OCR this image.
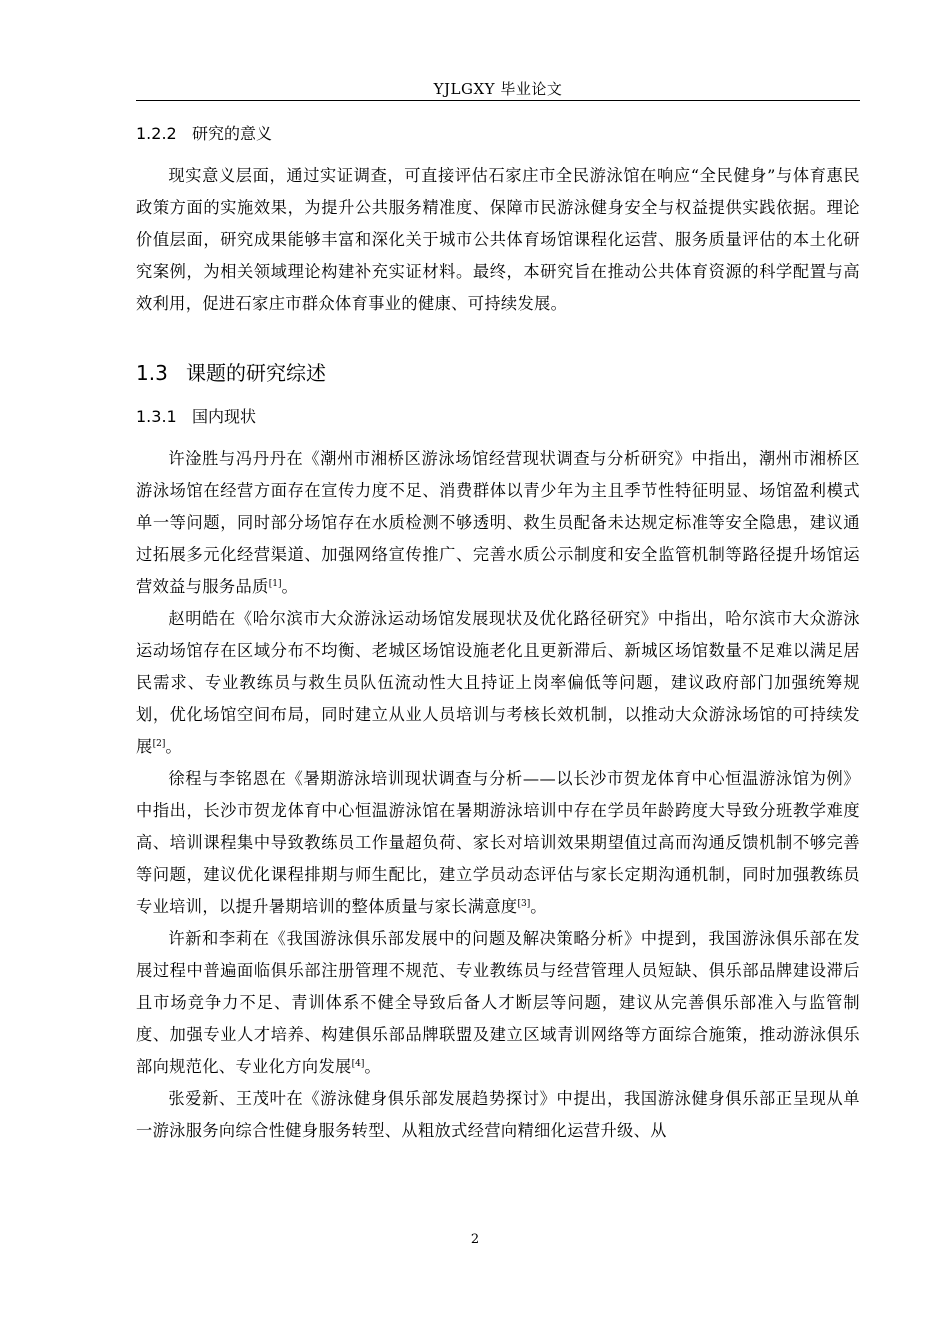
YJLGXY 毕业论文
1.2.2 研究的意义

现实意义层面，通过实证调查，可直接评估石家庄市全民游泳馆在响应“全民健身”与体育惠民政策方面的实施效果，为提升公共服务精准度、保障市民游泳健身安全与权益提供实践依据。理论价值层面，研究成果能够丰富和深化关于城市公共体育场馆课程化运营、服务质量评估的本土化研究案例，为相关领域理论构建补充实证材料。最终，本研究旨在推动公共体育资源的科学配置与高效利用，促进石家庄市群众体育事业的健康、可持续发展。

1.3 课题的研究综述
1.3.1 国内现状

许淦胜与冯丹丹在《潮州市湘桥区游泳场馆经营现状调查与分析研究》中指出，潮州市湘桥区游泳场馆在经营方面存在宣传力度不足、消费群体以青少年为主且季节性特征明显、场馆盈利模式单一等问题，同时部分场馆存在水质检测不够透明、救生员配备未达规定标准等安全隐患，建议通过拓展多元化经营渠道、加强网络宣传推广、完善水质公示制度和安全监管机制等路径提升场馆运营效益与服务品质[1]。

赵明皓在《哈尔滨市大众游泳运动场馆发展现状及优化路径研究》中指出，哈尔滨市大众游泳运动场馆存在区域分布不均衡、老城区场馆设施老化且更新滞后、新城区场馆数量不足难以满足居民需求、专业教练员与救生员队伍流动性大且持证上岗率偏低等问题，建议政府部门加强统筹规划，优化场馆空间布局，同时建立从业人员培训与考核长效机制，以推动大众游泳场馆的可持续发展[2]。

徐程与李铭恩在《暑期游泳培训现状调查与分析——以长沙市贺龙体育中心恒温游泳馆为例》中指出，长沙市贺龙体育中心恒温游泳馆在暑期游泳培训中存在学员年龄跨度大导致分班教学难度高、培训课程集中导致教练员工作量超负荷、家长对培训效果期望值过高而沟通反馈机制不够完善等问题，建议优化课程排期与师生配比，建立学员动态评估与家长定期沟通机制，同时加强教练员专业培训，以提升暑期培训的整体质量与家长满意度[3]。

许新和李莉在《我国游泳俱乐部发展中的问题及解决策略分析》中提到，我国游泳俱乐部在发展过程中普遍面临俱乐部注册管理不规范、专业教练员与经营管理人员短缺、俱乐部品牌建设滞后且市场竞争力不足、青训体系不健全导致后备人才断层等问题，建议从完善俱乐部准入与监管制度、加强专业人才培养、构建俱乐部品牌联盟及建立区域青训网络等方面综合施策，推动游泳俱乐部向规范化、专业化方向发展[4]。

张爱新、王茂叶在《游泳健身俱乐部发展趋势探讨》中提出，我国游泳健身俱乐部正呈现从单一游泳服务向综合性健身服务转型、从粗放式经营向精细化运营升级、从

2
